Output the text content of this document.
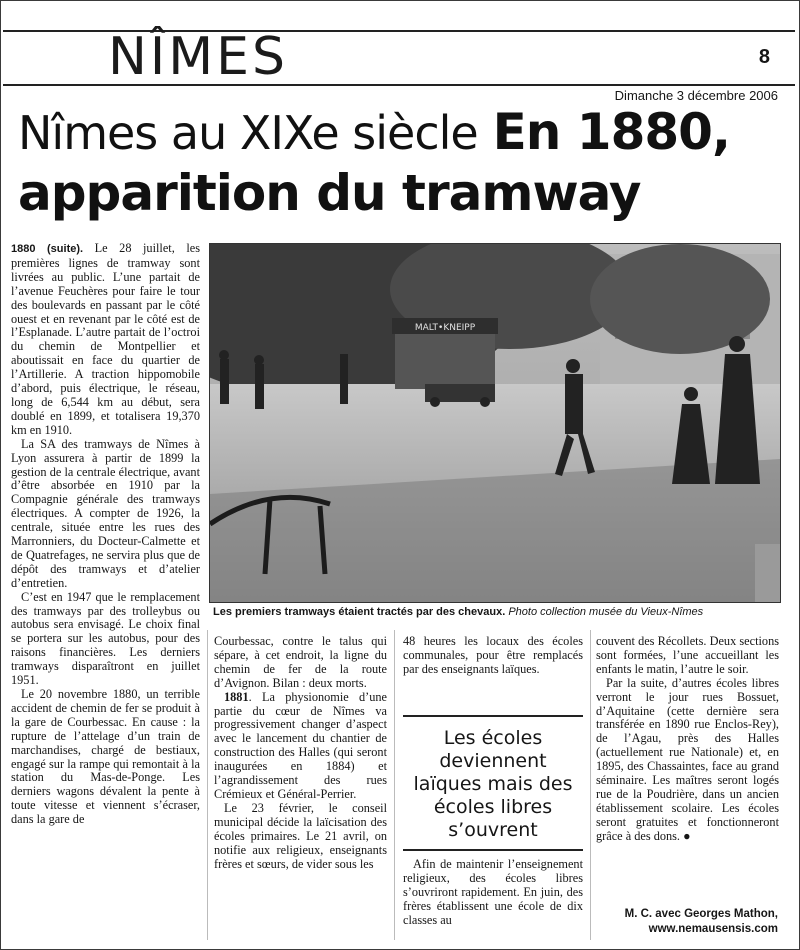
NÎMES	8
Dimanche 3 décembre 2006
Nîmes au XIXe siècle En 1880,
apparition du tramway

1880 (suite). Le 28 juillet, les premières lignes de tramway sont livrées au public. L’une partait de l’avenue Feuchères pour faire le tour des boulevards en passant par le côté ouest et en revenant par le côté est de l’Esplanade. L’autre partait de l’octroi du chemin de Montpellier et aboutissait en face du quartier de l’Artillerie. A traction hippomobile d’abord, puis électrique, le réseau, long de 6,544 km au début, sera doublé en 1899, et totalisera 19,370 km en 1910.

La SA des tramways de Nîmes à Lyon assurera à partir de 1899 la gestion de la centrale électrique, avant d’être absorbée en 1910 par la Compagnie générale des tramways électriques. A compter de 1926, la centrale, située entre les rues des Marronniers, du Docteur-Calmette et de Quatrefages, ne servira plus que de dépôt des tramways et d’atelier d’entretien.

C’est en 1947 que le remplacement des tramways par des trolleybus ou autobus sera envisagé. Le choix final se portera sur les autobus, pour des raisons financières. Les derniers tramways disparaîtront en juillet 1951.

Le 20 novembre 1880, un terrible accident de chemin de fer se produit à la gare de Courbessac. En cause : la rupture de l’attelage d’un train de marchandises, chargé de bestiaux, engagé sur la rampe qui remontait à la station du Mas-de-Ponge. Les derniers wagons dévalent la pente à toute vitesse et viennent s’écraser, dans la gare de

MALT•KNEIPP
Les premiers tramways étaient tractés par des chevaux. Photo collection musée du Vieux-Nîmes

Courbessac, contre le talus qui sépare, à cet endroit, la ligne du chemin de fer de la route d’Avignon. Bilan : deux morts.

1881. La physionomie d’une partie du cœur de Nîmes va progressivement changer d’aspect avec le lancement du chantier de construction des Halles (qui seront inaugurées en 1884) et l’agrandissement des rues Crémieux et Général-Perrier.

Le 23 février, le conseil municipal décide la laïcisation des écoles primaires. Le 21 avril, on notifie aux religieux, enseignants frères et sœurs, de vider sous les

48 heures les locaux des écoles communales, pour être remplacés par des enseignants laïques.

Les écoles deviennent laïques mais des écoles libres s’ouvrent

Afin de maintenir l’enseignement religieux, des écoles libres s’ouvriront rapidement. En juin, des frères établissent une école de dix classes au

couvent des Récollets. Deux sections sont formées, l’une accueillant les enfants le matin, l’autre le soir.

Par la suite, d’autres écoles libres verront le jour rues Bossuet, d’Aquitaine (cette dernière sera transférée en 1890 rue Enclos-Rey), de l’Agau, près des Halles (actuellement rue Nationale) et, en 1895, des Chassaintes, face au grand séminaire. Les maîtres seront logés rue de la Poudrière, dans un ancien établissement scolaire. Les écoles seront gratuites et fonctionneront grâce à des dons. ●

M. C. avec Georges Mathon,
www.nemausensis.com
